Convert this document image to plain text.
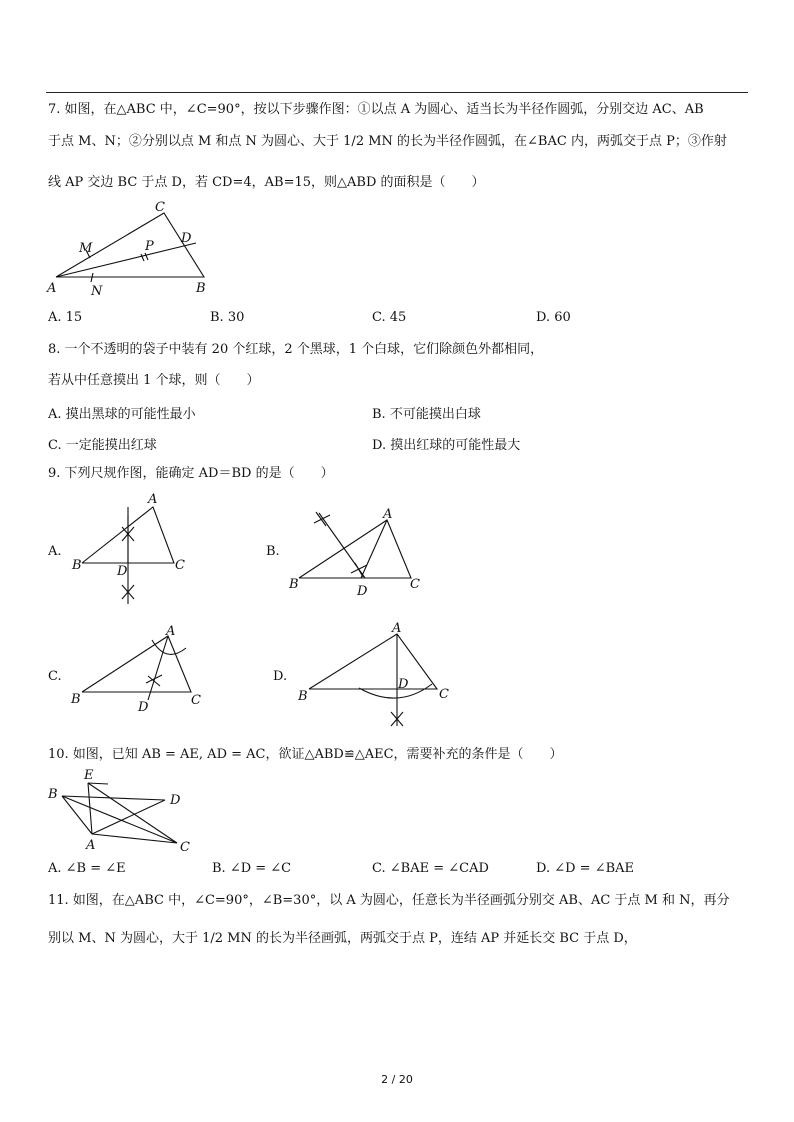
7. 如图，在△ABC 中，∠C=90°，按以下步骤作图：①以点 A 为圆心、适当长为半径作圆弧，分别交边 AC、AB
于点 M、N；②分别以点 M 和点 N 为圆心、大于 1/2 MN 的长为半径作圆弧，在∠BAC 内，两弧交于点 P；③作射
线 AP 交边 BC 于点 D，若 CD=4，AB=15，则△ABD 的面积是（　　）
C
M	P
D
A	N	B
A. 15	B. 30	C. 45	D. 60
8. 一个不透明的袋子中装有 20 个红球，2 个黑球，1 个白球，它们除颜色外都相同，
若从中任意摸出 1 个球，则（　　）
A. 摸出黑球的可能性最小	B. 不可能摸出白球
C. 一定能摸出红球	D. 摸出红球的可能性最大
9. 下列尺规作图，能确定 AD＝BD 的是（　　）
A.	B.
C.	D.
A
B	D	C
A
B	D	C
A
B
D	C
A
B
D
C
10. 如图，已知 AB = AE, AD = AC，欲证△ABD≌△AEC，需要补充的条件是（　　）
E
B	D
A	C
A. ∠B = ∠E	B. ∠D = ∠C	C. ∠BAE = ∠CAD	D. ∠D = ∠BAE
11. 如图，在△ABC 中，∠C=90°，∠B=30°，以 A 为圆心，任意长为半径画弧分别交 AB、AC 于点 M 和 N，再分
别以 M、N 为圆心，大于 1/2 MN 的长为半径画弧，两弧交于点 P，连结 AP 并延长交 BC 于点 D，
2 / 20
